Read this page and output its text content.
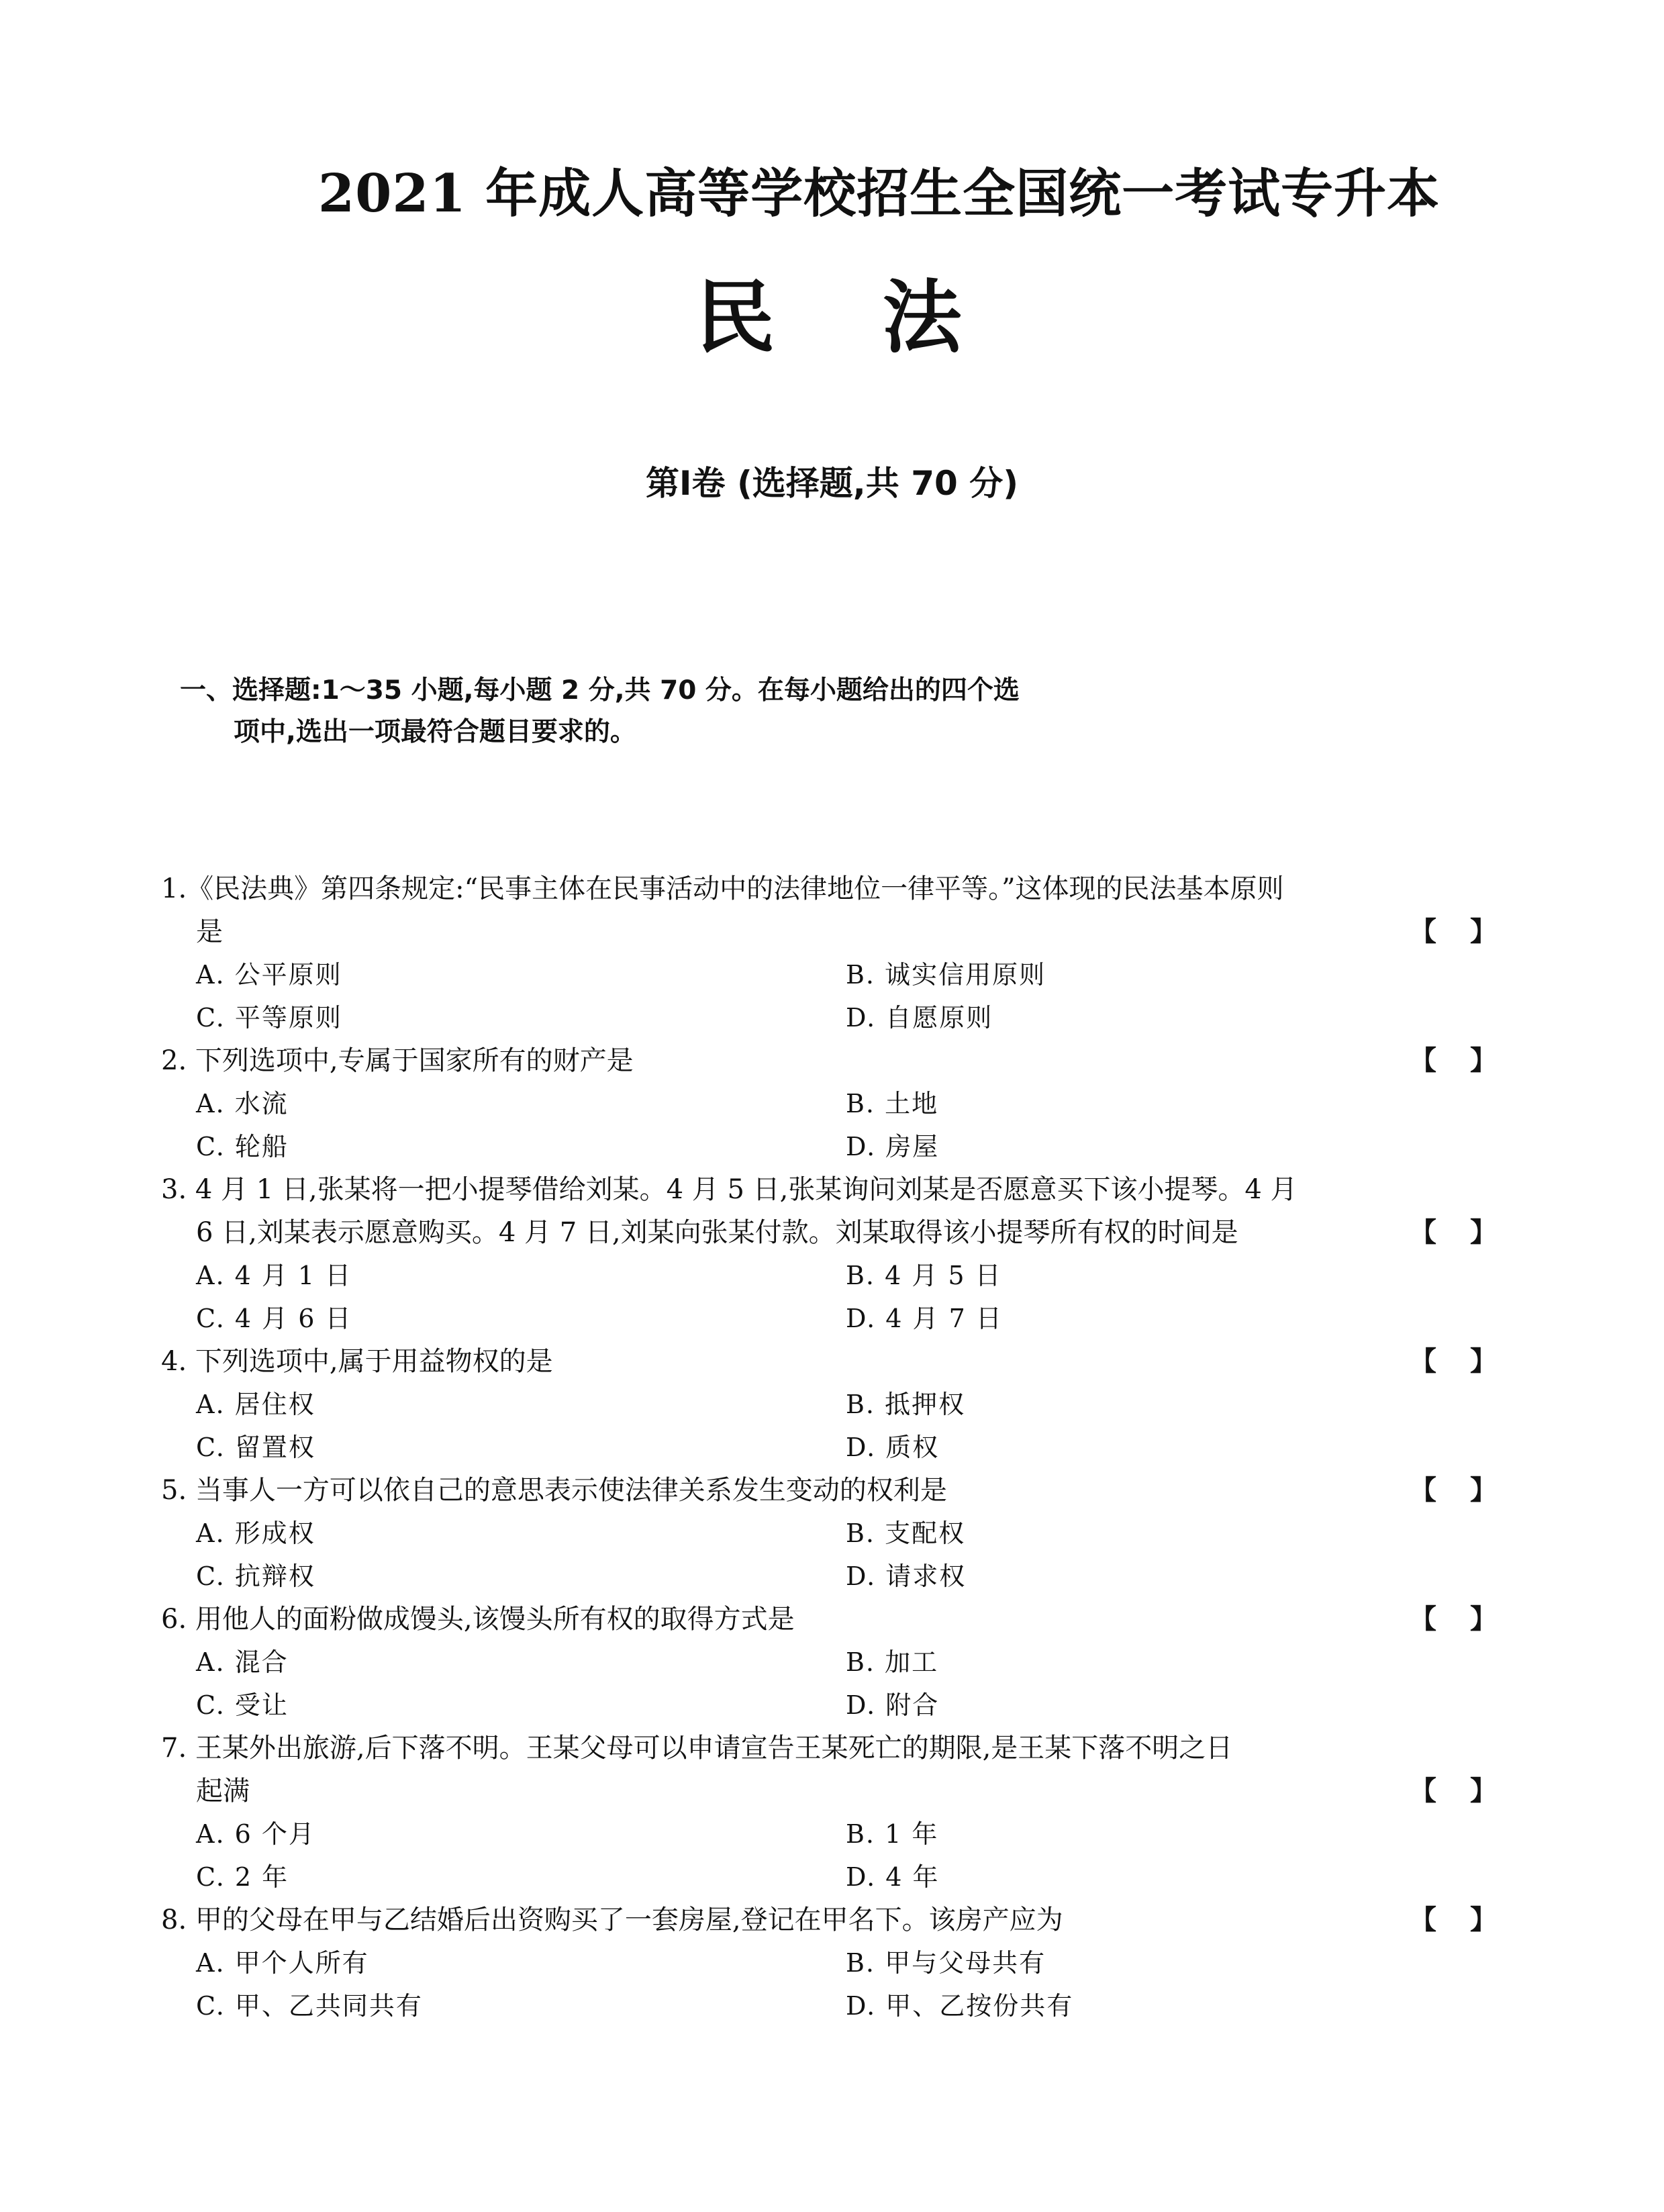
2021 年成人高等学校招生全国统一考试专升本
民法
第Ⅰ卷 (选择题,共 70 分)
一、选择题:1～35 小题,每小题 2 分,共 70 分。在每小题给出的四个选
项中,选出一项最符合题目要求的。
1.《民法典》第四条规定:“民事主体在民事活动中的法律地位一律平等。”这体现的民法基本原则
是	【 】
A. 公平原则	B. 诚实信用原则
C. 平等原则	D. 自愿原则
2. 下列选项中,专属于国家所有的财产是	【 】
A. 水流	B. 土地
C. 轮船	D. 房屋
3. 4 月 1 日,张某将一把小提琴借给刘某。4 月 5 日,张某询问刘某是否愿意买下该小提琴。4 月
6 日,刘某表示愿意购买。4 月 7 日,刘某向张某付款。刘某取得该小提琴所有权的时间是	【 】
A. 4 月 1 日	B. 4 月 5 日
C. 4 月 6 日	D. 4 月 7 日
4. 下列选项中,属于用益物权的是	【 】
A. 居住权	B. 抵押权
C. 留置权	D. 质权
5. 当事人一方可以依自己的意思表示使法律关系发生变动的权利是	【 】
A. 形成权	B. 支配权
C. 抗辩权	D. 请求权
6. 用他人的面粉做成馒头,该馒头所有权的取得方式是	【 】
A. 混合	B. 加工
C. 受让	D. 附合
7. 王某外出旅游,后下落不明。王某父母可以申请宣告王某死亡的期限,是王某下落不明之日
起满	【 】
A. 6 个月	B. 1 年
C. 2 年	D. 4 年
8. 甲的父母在甲与乙结婚后出资购买了一套房屋,登记在甲名下。该房产应为	【 】
A. 甲个人所有	B. 甲与父母共有
C. 甲、乙共同共有	D. 甲、乙按份共有
